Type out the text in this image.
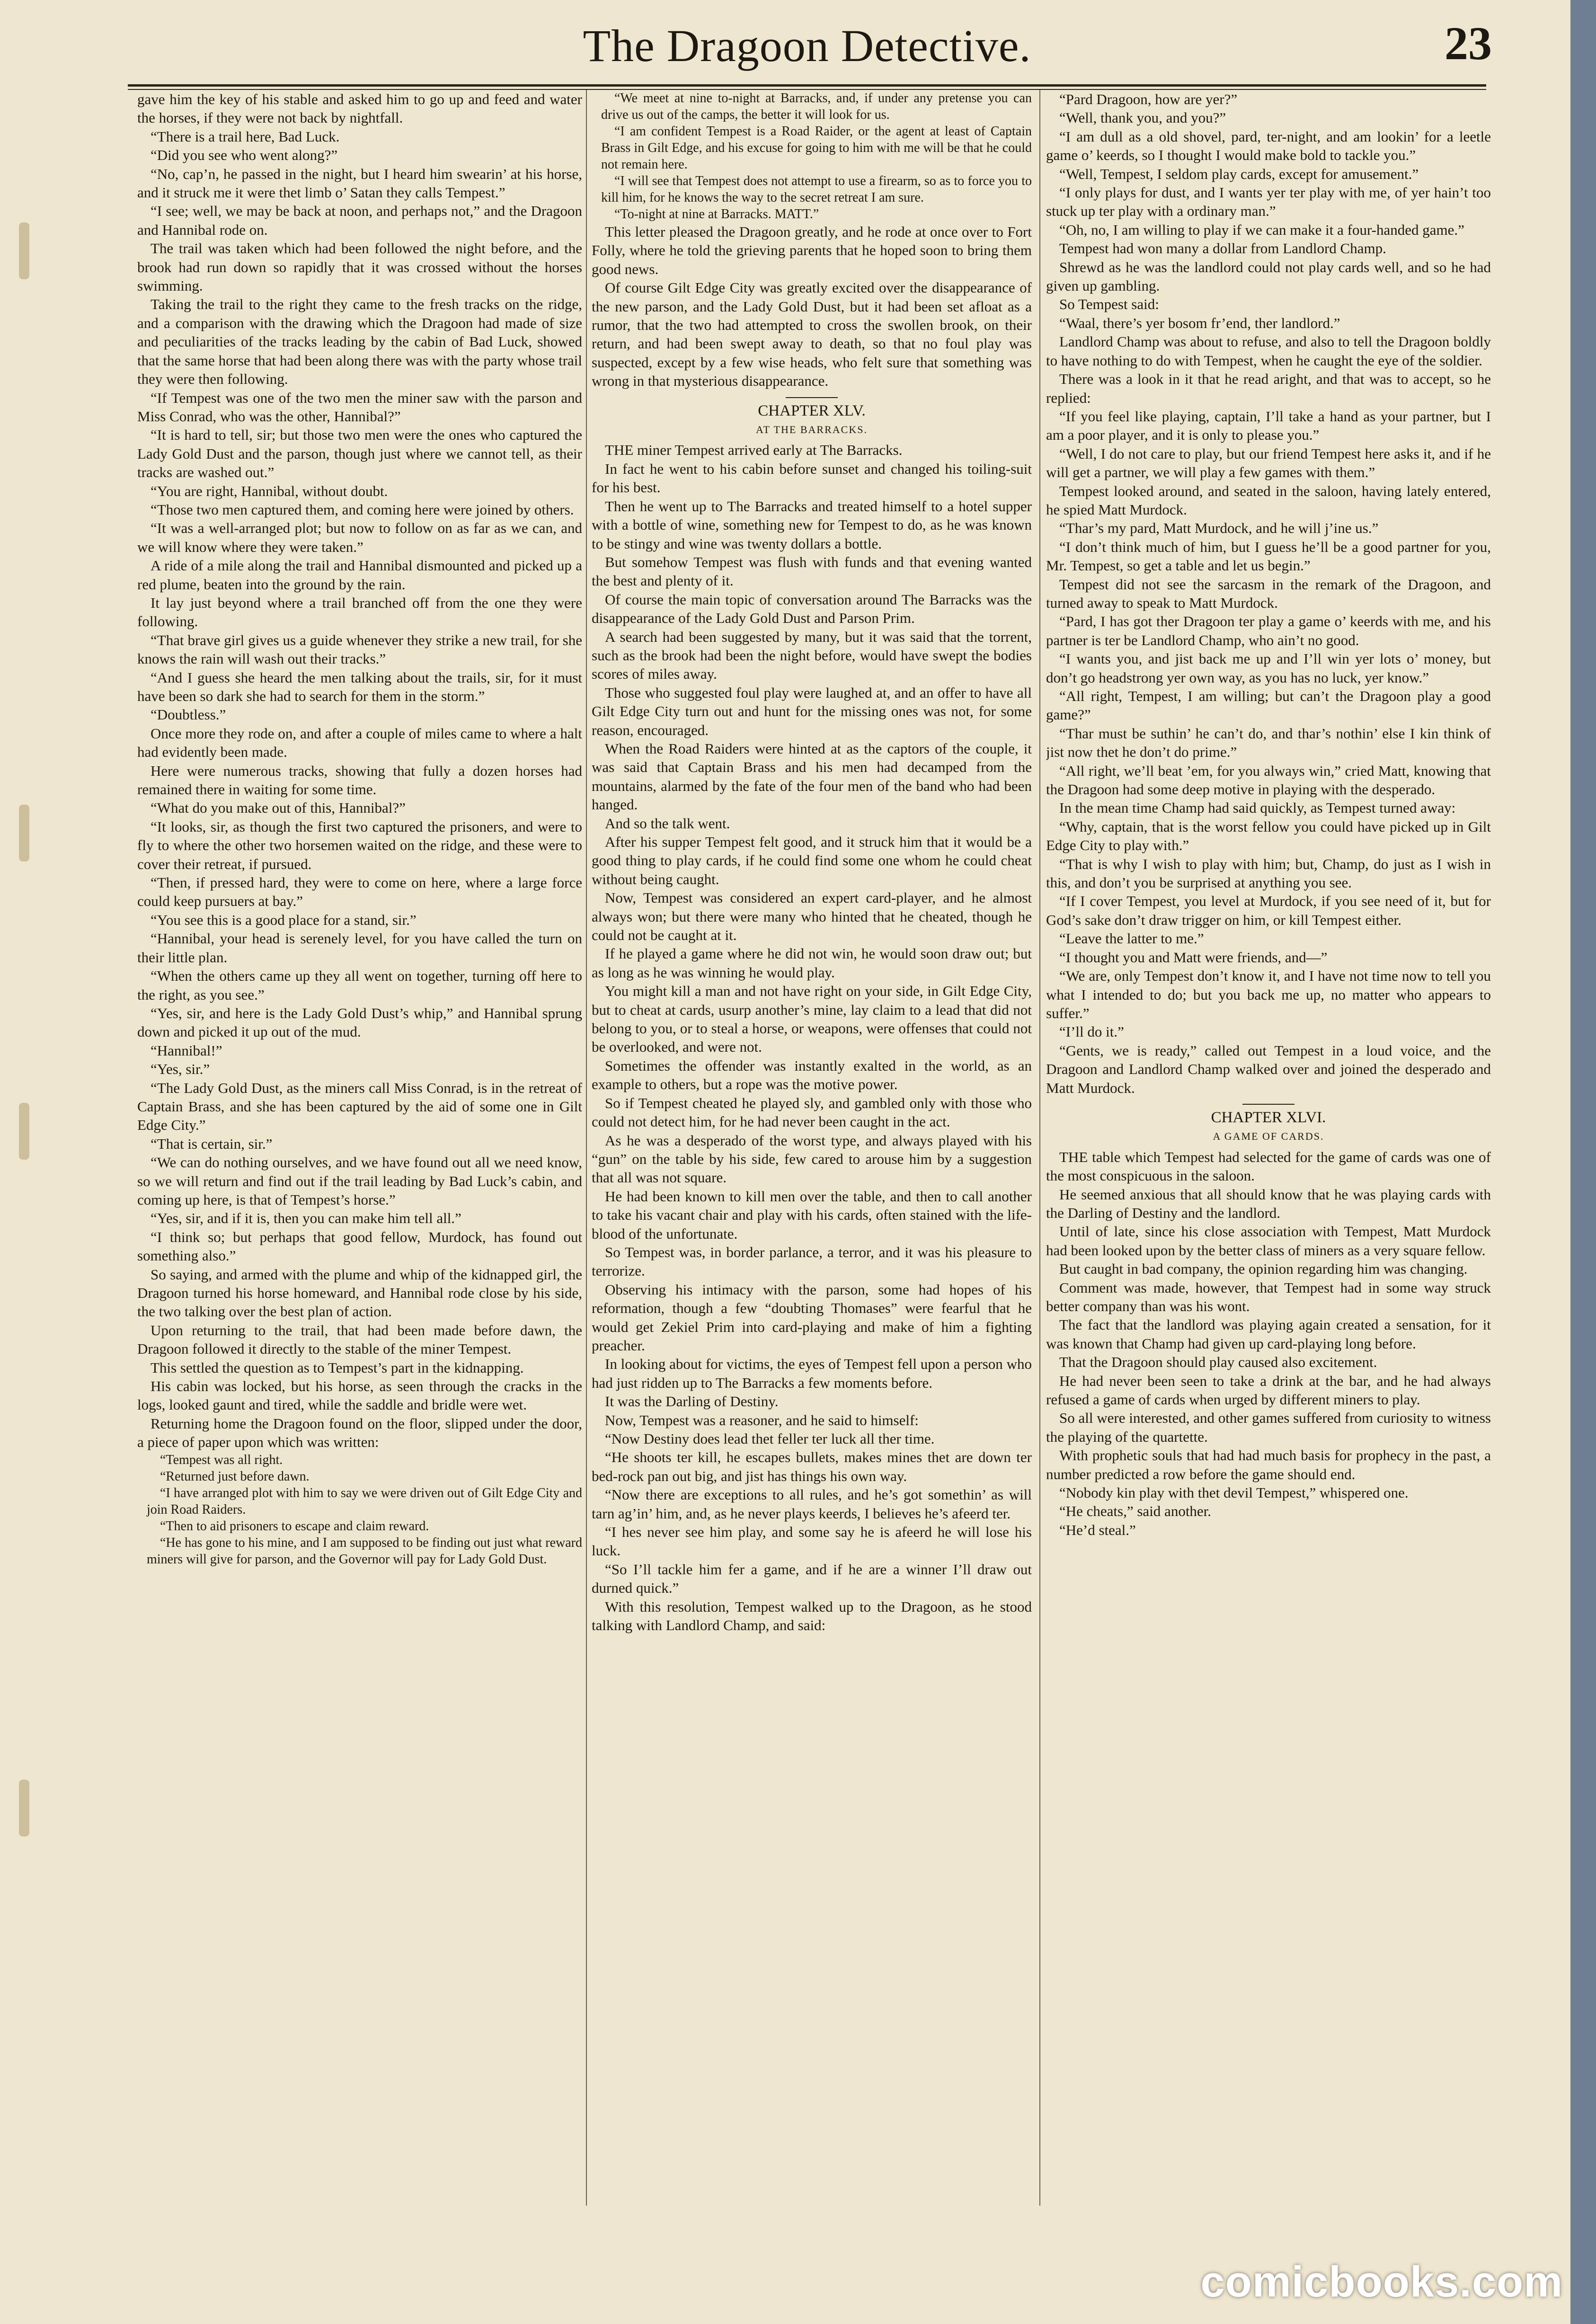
The Dragoon Detective.	23

gave him the key of his stable and asked him to go up and feed and water the horses, if they were not back by nightfall.

“There is a trail here, Bad Luck.

“Did you see who went along?”

“No, cap’n, he passed in the night, but I heard him swearin’ at his horse, and it struck me it were thet limb o’ Satan they calls Tempest.”

“I see; well, we may be back at noon, and perhaps not,” and the Dragoon and Hannibal rode on.

The trail was taken which had been followed the night before, and the brook had run down so rapidly that it was crossed without the horses swimming.

Taking the trail to the right they came to the fresh tracks on the ridge, and a comparison with the drawing which the Dragoon had made of size and peculiarities of the tracks leading by the cabin of Bad Luck, showed that the same horse that had been along there was with the party whose trail they were then following.

“If Tempest was one of the two men the miner saw with the parson and Miss Conrad, who was the other, Hannibal?”

“It is hard to tell, sir; but those two men were the ones who captured the Lady Gold Dust and the parson, though just where we cannot tell, as their tracks are washed out.”

“You are right, Hannibal, without doubt.

“Those two men captured them, and coming here were joined by others.

“It was a well-arranged plot; but now to follow on as far as we can, and we will know where they were taken.”

A ride of a mile along the trail and Hannibal dismounted and picked up a red plume, beaten into the ground by the rain.

It lay just beyond where a trail branched off from the one they were following.

“That brave girl gives us a guide whenever they strike a new trail, for she knows the rain will wash out their tracks.”

“And I guess she heard the men talking about the trails, sir, for it must have been so dark she had to search for them in the storm.”

“Doubtless.”

Once more they rode on, and after a couple of miles came to where a halt had evidently been made.

Here were numerous tracks, showing that fully a dozen horses had remained there in waiting for some time.

“What do you make out of this, Hannibal?”

“It looks, sir, as though the first two captured the prisoners, and were to fly to where the other two horsemen waited on the ridge, and these were to cover their retreat, if pursued.

“Then, if pressed hard, they were to come on here, where a large force could keep pursuers at bay.”

“You see this is a good place for a stand, sir.”

“Hannibal, your head is serenely level, for you have called the turn on their little plan.

“When the others came up they all went on together, turning off here to the right, as you see.”

“Yes, sir, and here is the Lady Gold Dust’s whip,” and Hannibal sprung down and picked it up out of the mud.

“Hannibal!”

“Yes, sir.”

“The Lady Gold Dust, as the miners call Miss Conrad, is in the retreat of Captain Brass, and she has been captured by the aid of some one in Gilt Edge City.”

“That is certain, sir.”

“We can do nothing ourselves, and we have found out all we need know, so we will return and find out if the trail leading by Bad Luck’s cabin, and coming up here, is that of Tempest’s horse.”

“Yes, sir, and if it is, then you can make him tell all.”

“I think so; but perhaps that good fellow, Murdock, has found out something also.”

So saying, and armed with the plume and whip of the kidnapped girl, the Dragoon turned his horse homeward, and Hannibal rode close by his side, the two talking over the best plan of action.

Upon returning to the trail, that had been made before dawn, the Dragoon followed it directly to the stable of the miner Tempest.

This settled the question as to Tempest’s part in the kidnapping.

His cabin was locked, but his horse, as seen through the cracks in the logs, looked gaunt and tired, while the saddle and bridle were wet.

Returning home the Dragoon found on the floor, slipped under the door, a piece of paper upon which was written:

“Tempest was all right.

“Returned just before dawn.

“I have arranged plot with him to say we were driven out of Gilt Edge City and join Road Raiders.

“Then to aid prisoners to escape and claim reward.

“He has gone to his mine, and I am supposed to be finding out just what reward miners will give for parson, and the Governor will pay for Lady Gold Dust.

“We meet at nine to-night at Barracks, and, if under any pretense you can drive us out of the camps, the better it will look for us.

“I am confident Tempest is a Road Raider, or the agent at least of Captain Brass in Gilt Edge, and his excuse for going to him with me will be that he could not remain here.

“I will see that Tempest does not attempt to use a firearm, so as to force you to kill him, for he knows the way to the secret retreat I am sure.

“To-night at nine at Barracks. MATT.”

This letter pleased the Dragoon greatly, and he rode at once over to Fort Folly, where he told the grieving parents that he hoped soon to bring them good news.

Of course Gilt Edge City was greatly excited over the disappearance of the new parson, and the Lady Gold Dust, but it had been set afloat as a rumor, that the two had attempted to cross the swollen brook, on their return, and had been swept away to death, so that no foul play was suspected, except by a few wise heads, who felt sure that something was wrong in that mysterious disappearance.

CHAPTER XLV.
AT THE BARRACKS.

THE miner Tempest arrived early at The Barracks.

In fact he went to his cabin before sunset and changed his toiling-suit for his best.

Then he went up to The Barracks and treated himself to a hotel supper with a bottle of wine, something new for Tempest to do, as he was known to be stingy and wine was twenty dollars a bottle.

But somehow Tempest was flush with funds and that evening wanted the best and plenty of it.

Of course the main topic of conversation around The Barracks was the disappearance of the Lady Gold Dust and Parson Prim.

A search had been suggested by many, but it was said that the torrent, such as the brook had been the night before, would have swept the bodies scores of miles away.

Those who suggested foul play were laughed at, and an offer to have all Gilt Edge City turn out and hunt for the missing ones was not, for some reason, encouraged.

When the Road Raiders were hinted at as the captors of the couple, it was said that Captain Brass and his men had decamped from the mountains, alarmed by the fate of the four men of the band who had been hanged.

And so the talk went.

After his supper Tempest felt good, and it struck him that it would be a good thing to play cards, if he could find some one whom he could cheat without being caught.

Now, Tempest was considered an expert card-player, and he almost always won; but there were many who hinted that he cheated, though he could not be caught at it.

If he played a game where he did not win, he would soon draw out; but as long as he was winning he would play.

You might kill a man and not have right on your side, in Gilt Edge City, but to cheat at cards, usurp another’s mine, lay claim to a lead that did not belong to you, or to steal a horse, or weapons, were offenses that could not be overlooked, and were not.

Sometimes the offender was instantly exalted in the world, as an example to others, but a rope was the motive power.

So if Tempest cheated he played sly, and gambled only with those who could not detect him, for he had never been caught in the act.

As he was a desperado of the worst type, and always played with his “gun” on the table by his side, few cared to arouse him by a suggestion that all was not square.

He had been known to kill men over the table, and then to call another to take his vacant chair and play with his cards, often stained with the life-blood of the unfortunate.

So Tempest was, in border parlance, a terror, and it was his pleasure to terrorize.

Observing his intimacy with the parson, some had hopes of his reformation, though a few “doubting Thomases” were fearful that he would get Zekiel Prim into card-playing and make of him a fighting preacher.

In looking about for victims, the eyes of Tempest fell upon a person who had just ridden up to The Barracks a few moments before.

It was the Darling of Destiny.

Now, Tempest was a reasoner, and he said to himself:

“Now Destiny does lead thet feller ter luck all ther time.

“He shoots ter kill, he escapes bullets, makes mines thet are down ter bed-rock pan out big, and jist has things his own way.

“Now there are exceptions to all rules, and he’s got somethin’ as will tarn ag’in’ him, and, as he never plays keerds, I believes he’s afeerd ter.

“I hes never see him play, and some say he is afeerd he will lose his luck.

“So I’ll tackle him fer a game, and if he are a winner I’ll draw out durned quick.”

With this resolution, Tempest walked up to the Dragoon, as he stood talking with Landlord Champ, and said:

“Pard Dragoon, how are yer?”

“Well, thank you, and you?”

“I am dull as a old shovel, pard, ter-night, and am lookin’ for a leetle game o’ keerds, so I thought I would make bold to tackle you.”

“Well, Tempest, I seldom play cards, except for amusement.”

“I only plays for dust, and I wants yer ter play with me, of yer hain’t too stuck up ter play with a ordinary man.”

“Oh, no, I am willing to play if we can make it a four-handed game.”

Tempest had won many a dollar from Landlord Champ.

Shrewd as he was the landlord could not play cards well, and so he had given up gambling.

So Tempest said:

“Waal, there’s yer bosom fr’end, ther landlord.”

Landlord Champ was about to refuse, and also to tell the Dragoon boldly to have nothing to do with Tempest, when he caught the eye of the soldier.

There was a look in it that he read aright, and that was to accept, so he replied:

“If you feel like playing, captain, I’ll take a hand as your partner, but I am a poor player, and it is only to please you.”

“Well, I do not care to play, but our friend Tempest here asks it, and if he will get a partner, we will play a few games with them.”

Tempest looked around, and seated in the saloon, having lately entered, he spied Matt Murdock.

“Thar’s my pard, Matt Murdock, and he will j’ine us.”

“I don’t think much of him, but I guess he’ll be a good partner for you, Mr. Tempest, so get a table and let us begin.”

Tempest did not see the sarcasm in the remark of the Dragoon, and turned away to speak to Matt Murdock.

“Pard, I has got ther Dragoon ter play a game o’ keerds with me, and his partner is ter be Landlord Champ, who ain’t no good.

“I wants you, and jist back me up and I’ll win yer lots o’ money, but don’t go headstrong yer own way, as you has no luck, yer know.”

“All right, Tempest, I am willing; but can’t the Dragoon play a good game?”

“Thar must be suthin’ he can’t do, and thar’s nothin’ else I kin think of jist now thet he don’t do prime.”

“All right, we’ll beat ’em, for you always win,” cried Matt, knowing that the Dragoon had some deep motive in playing with the desperado.

In the mean time Champ had said quickly, as Tempest turned away:

“Why, captain, that is the worst fellow you could have picked up in Gilt Edge City to play with.”

“That is why I wish to play with him; but, Champ, do just as I wish in this, and don’t you be surprised at anything you see.

“If I cover Tempest, you level at Murdock, if you see need of it, but for God’s sake don’t draw trigger on him, or kill Tempest either.

“Leave the latter to me.”

“I thought you and Matt were friends, and—”

“We are, only Tempest don’t know it, and I have not time now to tell you what I intended to do; but you back me up, no matter who appears to suffer.”

“I’ll do it.”

“Gents, we is ready,” called out Tempest in a loud voice, and the Dragoon and Landlord Champ walked over and joined the desperado and Matt Murdock.

CHAPTER XLVI.
A GAME OF CARDS.

THE table which Tempest had selected for the game of cards was one of the most conspicuous in the saloon.

He seemed anxious that all should know that he was playing cards with the Darling of Destiny and the landlord.

Until of late, since his close association with Tempest, Matt Murdock had been looked upon by the better class of miners as a very square fellow.

But caught in bad company, the opinion regarding him was changing.

Comment was made, however, that Tempest had in some way struck better company than was his wont.

The fact that the landlord was playing again created a sensation, for it was known that Champ had given up card-playing long before.

That the Dragoon should play caused also excitement.

He had never been seen to take a drink at the bar, and he had always refused a game of cards when urged by different miners to play.

So all were interested, and other games suffered from curiosity to witness the playing of the quartette.

With prophetic souls that had had much basis for prophecy in the past, a number predicted a row before the game should end.

“Nobody kin play with thet devil Tempest,” whispered one.

“He cheats,” said another.

“He’d steal.”

comicbooks.com
